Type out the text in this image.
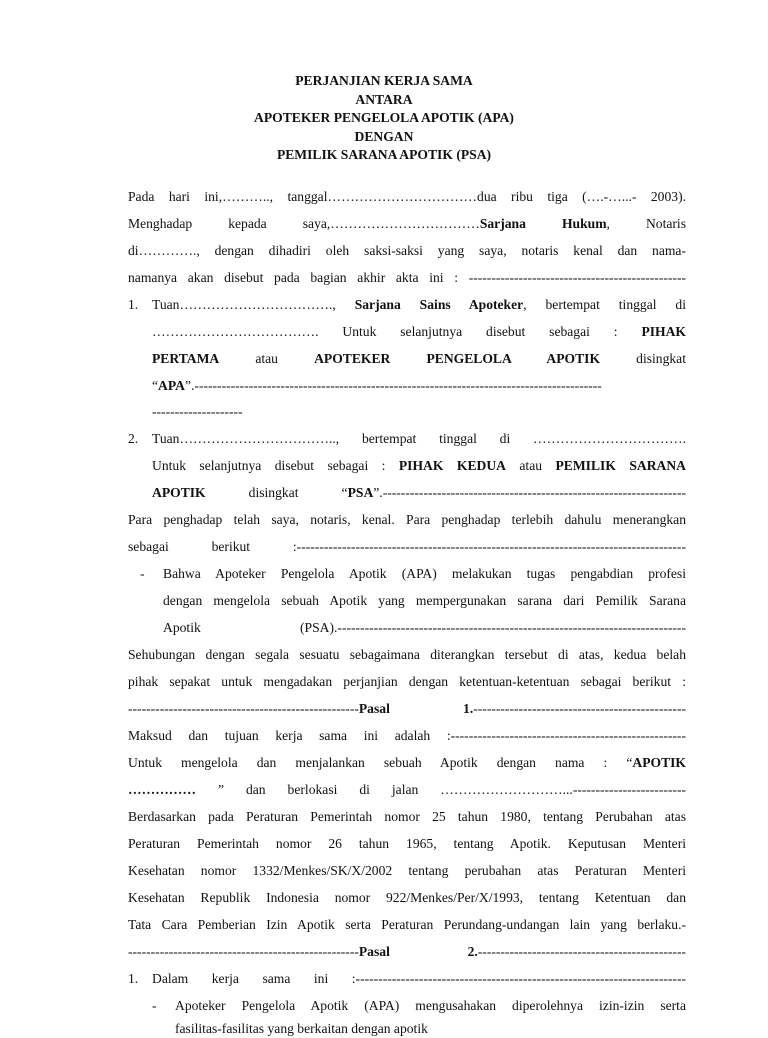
PERJANJIAN KERJA SAMA
ANTARA
APOTEKER PENGELOLA APOTIK (APA)
DENGAN
PEMILIK SARANA APOTIK (PSA)
Pada hari ini,……….., tanggal……………………………dua ribu tiga (….-…...- 2003).
Menghadap kepada saya,……………………………Sarjana Hukum, Notaris
di…………., dengan dihadiri oleh saksi-saksi yang saya, notaris kenal dan nama-
namanya akan disebut pada bagian akhir akta ini : ------------------------------------------------
Tuan……………………………., Sarjana Sains Apoteker, bertempat tinggal di
………………………………. Untuk selanjutnya disebut sebagai : PIHAK
PERTAMA atau APOTEKER PENGELOLA APOTIK disingkat
“APA”.------------------------------------------------------------------------------------------
--------------------
Tuan…………………………….., bertempat tinggal di …………………………….
Untuk selanjutnya disebut sebagai : PIHAK KEDUA atau PEMILIK SARANA
APOTIK disingkat “PSA”.-------------------------------------------------------------------
Para penghadap telah saya, notaris, kenal. Para penghadap terlebih dahulu menerangkan
sebagai berikut :--------------------------------------------------------------------------------------
Bahwa Apoteker Pengelola Apotik (APA) melakukan tugas pengabdian profesi
dengan mengelola sebuah Apotik yang mempergunakan sarana dari Pemilik Sarana
Apotik (PSA).-----------------------------------------------------------------------------
Sehubungan dengan segala sesuatu sebagaimana diterangkan tersebut di atas, kedua belah
pihak sepakat untuk mengadakan perjanjian dengan ketentuan-ketentuan sebagai berikut :
---------------------------------------------------Pasal 1.-----------------------------------------------
Maksud dan tujuan kerja sama ini adalah :----------------------------------------------------
Untuk mengelola dan menjalankan sebuah Apotik dengan nama : “APOTIK
…………… ” dan berlokasi di jalan ………………………...-------------------------
Berdasarkan pada Peraturan Pemerintah nomor 25 tahun 1980, tentang Perubahan atas
Peraturan Pemerintah nomor 26 tahun 1965, tentang Apotik. Keputusan Menteri
Kesehatan nomor 1332/Menkes/SK/X/2002 tentang perubahan atas Peraturan Menteri
Kesehatan Republik Indonesia nomor 922/Menkes/Per/X/1993, tentang Ketentuan dan
Tata Cara Pemberian Izin Apotik serta Peraturan Perundang-undangan lain yang berlaku.-
---------------------------------------------------Pasal 2.----------------------------------------------
Dalam kerja sama ini :-------------------------------------------------------------------------
Apoteker Pengelola Apotik (APA) mengusahakan diperolehnya izin-izin serta
fasilitas-fasilitas yang berkaitan dengan apotik
1.
2.
-
1.
-
